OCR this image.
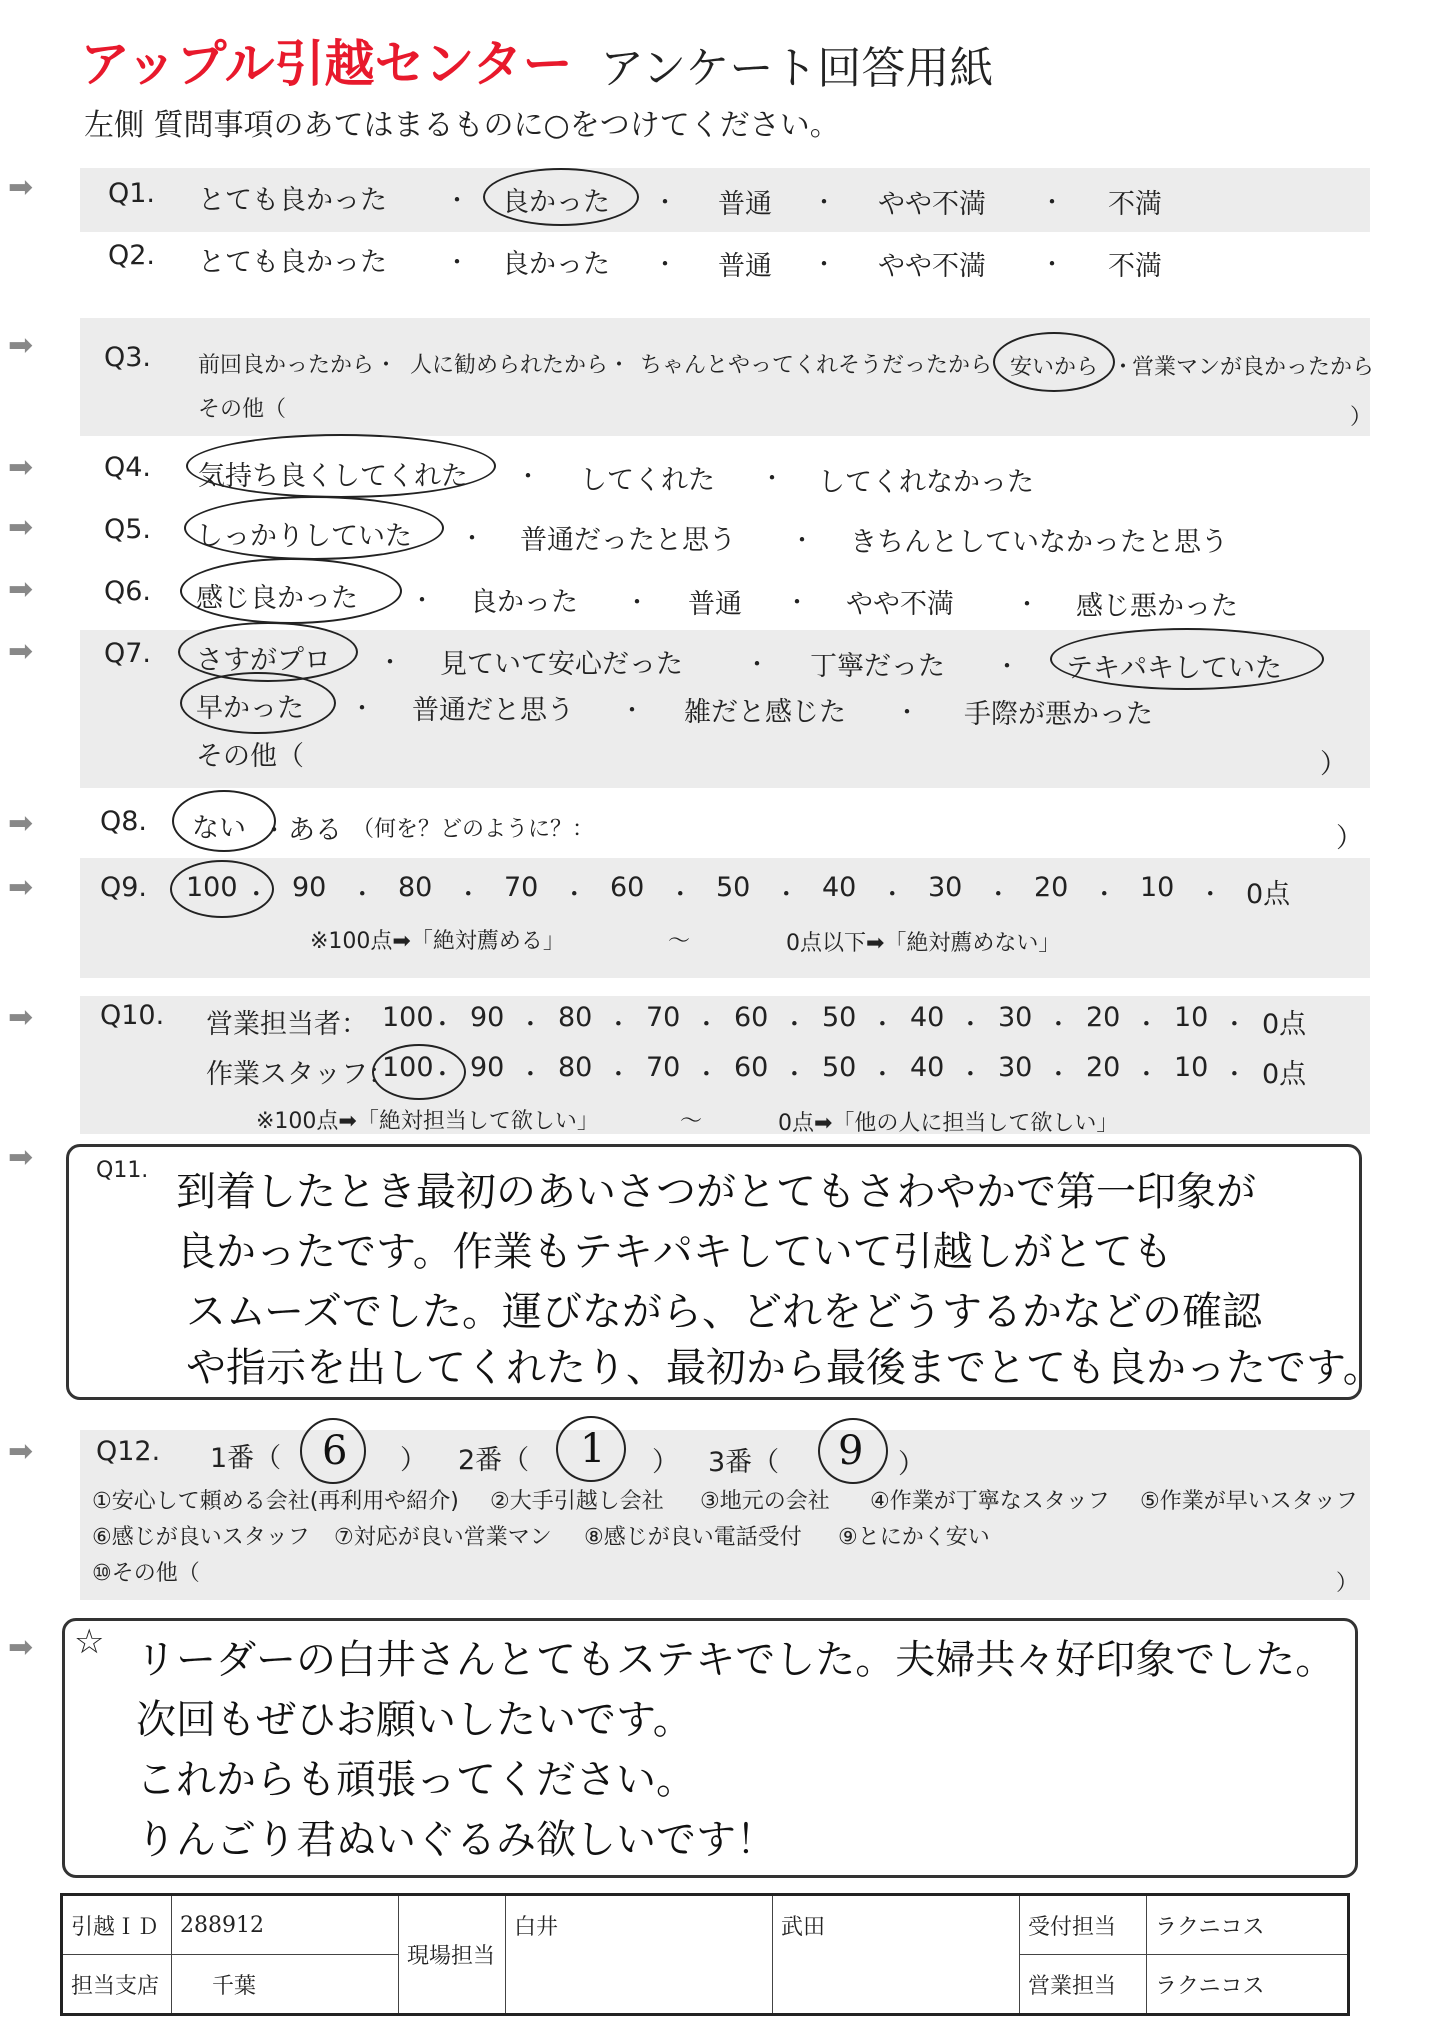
アップル引越センター アンケート回答用紙
左側 質問事項のあてはまるものに○をつけてください。
➡
➡
➡
➡
➡
➡
➡
➡
➡
➡
➡
➡
Q1. とても良かった ・ 良かった ・ 普通 ・ やや不満 ・ 不満
Q2. とても良かった ・ 良かった ・ 普通 ・ やや不満 ・ 不満
Q3. 前回良かったから ・ 人に勧められたから ・ ちゃんとやってくれそうだったから 安いから ・
営業マンが良かったから
その他（	）
Q4. 気持ち良くしてくれた ・ してくれた ・ してくれなかった
Q5. しっかりしていた ・ 普通だったと思う ・ きちんとしていなかったと思う
Q6. 感じ良かった ・ 良かった ・ 普通 ・ やや不満	・ 感じ悪かった
Q7. さすがプロ ・ 見ていて安心だった	・ 丁寧だった ・ テキパキしていた
早かった ・ 普通だと思う ・ 雑だと感じた ・ 手際が悪かった
その他（	）
Q8. ない ・ ある （何を？どのように？：	）
Q9. 100 ・ 90 ・ 80 ・ 70 ・ 60 ・ 50 ・ 40 ・ 30 ・ 20 ・ 10 ・ 0点
※100点➡「絶対薦める」	〜	0点以下➡「絶対薦めない」
Q10. 営業担当者： 100
・ 90 ・ 80 ・ 70 ・ 60 ・ 50 ・ 40 ・ 30 ・ 20 ・ 10 ・ 0点
作業スタッフ：
100
・ 90 ・ 80 ・ 70 ・ 60 ・ 50 ・ 40 ・ 30 ・ 20 ・ 10 ・ 0点
※100点➡「絶対担当して欲しい」	〜	0点➡「他の人に担当して欲しい」
Q11. 到着したとき最初のあいさつがとてもさわやかで第一印象が
良かったです。作業もテキパキしていて引越しがとても
スムーズでした。運びながら、どれをどうするかなどの確認
や指示を出してくれたり、最初から最後までとても良かったです。
Q12. 1番（ 6 ） 2番（ 1 ） 3番（ 9 ）
①安心して頼める会社(再利用や紹介) ②大手引越し会社 ③地元の会社 ④作業が丁寧なスタッフ ⑤作業が早いスタッフ
⑥感じが良いスタッフ ⑦対応が良い営業マン ⑧感じが良い電話受付 ⑨とにかく安い
⑩その他（	）
☆ リーダーの白井さんとてもステキでした。夫婦共々好印象でした。
次回もぜひお願いしたいです。
これからも頑張ってください。
りんごり君ぬいぐるみ欲しいです！
引越ＩＤ	288912	現場担当	白井	武田	受付担当	ラクニコス
担当支店	千葉				営業担当	ラクニコス
